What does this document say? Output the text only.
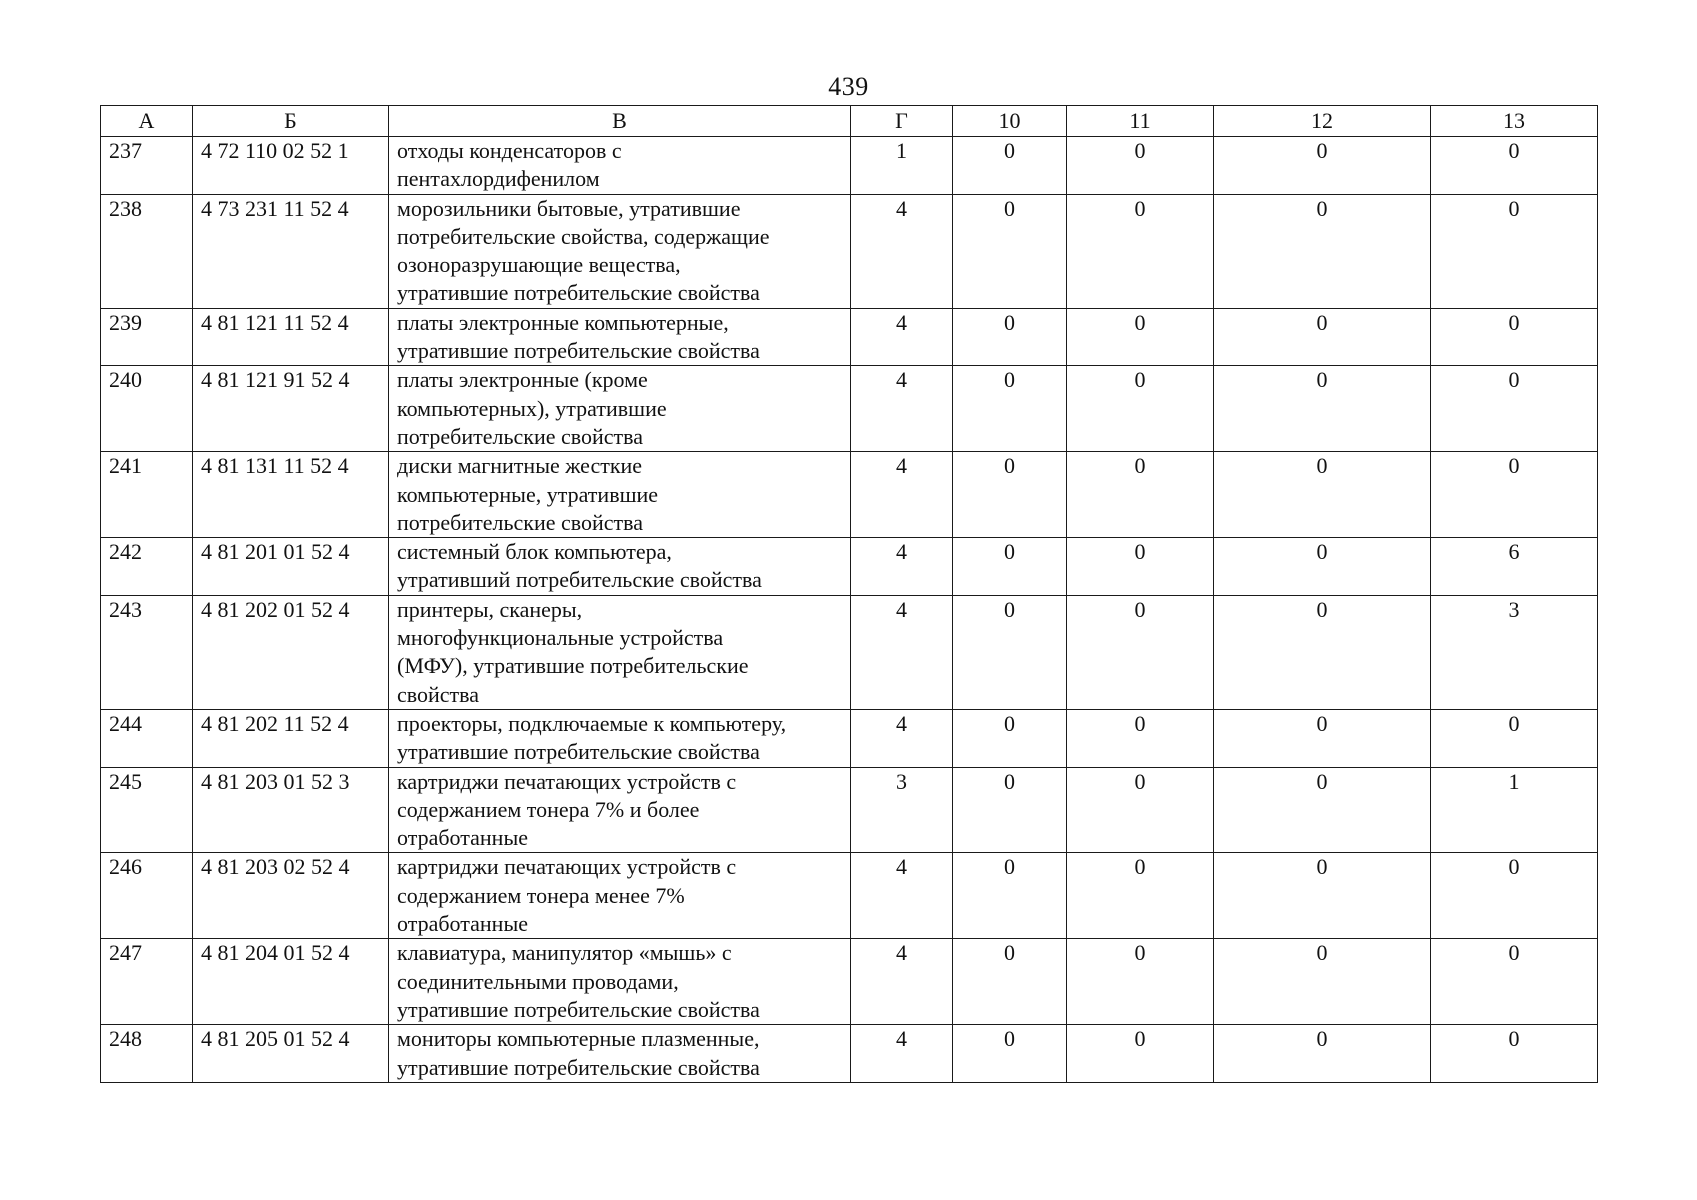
439
А	Б	В	Г	10	11	12	13
237	4 72 110 02 52 1	отходы конденсаторов с
пентахлордифенилом	1	0	0	0	0
238	4 73 231 11 52 4	морозильники бытовые, утратившие
потребительские свойства, содержащие
озоноразрушающие вещества,
утратившие потребительские свойства	4	0	0	0	0
239	4 81 121 11 52 4	платы электронные компьютерные,
утратившие потребительские свойства	4	0	0	0	0
240	4 81 121 91 52 4	платы электронные (кроме
компьютерных), утратившие
потребительские свойства	4	0	0	0	0
241	4 81 131 11 52 4	диски магнитные жесткие
компьютерные, утратившие
потребительские свойства	4	0	0	0	0
242	4 81 201 01 52 4	системный блок компьютера,
утративший потребительские свойства	4	0	0	0	6
243	4 81 202 01 52 4	принтеры, сканеры,
многофункциональные устройства
(МФУ), утратившие потребительские
свойства	4	0	0	0	3
244	4 81 202 11 52 4	проекторы, подключаемые к компьютеру,
утратившие потребительские свойства	4	0	0	0	0
245	4 81 203 01 52 3	картриджи печатающих устройств с
содержанием тонера 7% и более
отработанные	3	0	0	0	1
246	4 81 203 02 52 4	картриджи печатающих устройств с
содержанием тонера менее 7%
отработанные	4	0	0	0	0
247	4 81 204 01 52 4	клавиатура, манипулятор «мышь» с
соединительными проводами,
утратившие потребительские свойства	4	0	0	0	0
248	4 81 205 01 52 4	мониторы компьютерные плазменные,
утратившие потребительские свойства	4	0	0	0	0
